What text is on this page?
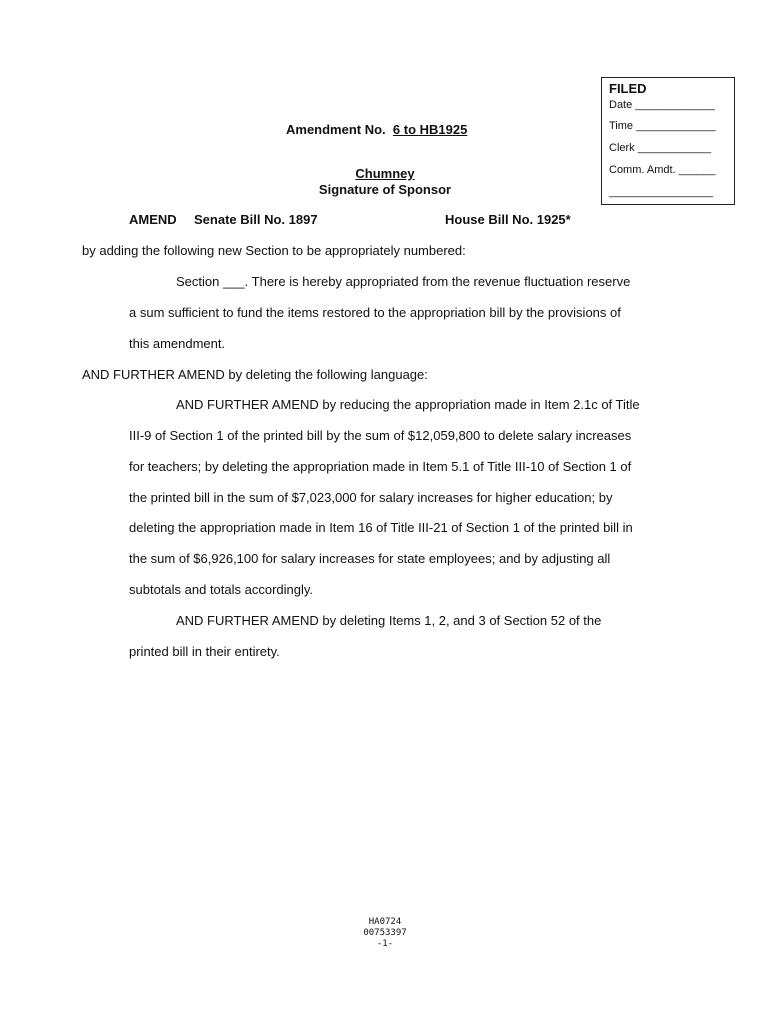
FILED
Date _____________
Time _____________
Clerk ____________
Comm. Amdt. ______
_________________
Amendment No. 6 to HB1925
Chumney
Signature of Sponsor
AMEND Senate Bill No. 1897	House Bill No. 1925*
by adding the following new Section to be appropriately numbered:
Section ___. There is hereby appropriated from the revenue fluctuation reserve
a sum sufficient to fund the items restored to the appropriation bill by the provisions of
this amendment.
AND FURTHER AMEND by deleting the following language:
AND FURTHER AMEND by reducing the appropriation made in Item 2.1c of Title
III-9 of Section 1 of the printed bill by the sum of $12,059,800 to delete salary increases
for teachers; by deleting the appropriation made in Item 5.1 of Title III-10 of Section 1 of
the printed bill in the sum of $7,023,000 for salary increases for higher education; by
deleting the appropriation made in Item 16 of Title III-21 of Section 1 of the printed bill in
the sum of $6,926,100 for salary increases for state employees; and by adjusting all
subtotals and totals accordingly.
AND FURTHER AMEND by deleting Items 1, 2, and 3 of Section 52 of the
printed bill in their entirety.
HA0724
00753397
-1-
